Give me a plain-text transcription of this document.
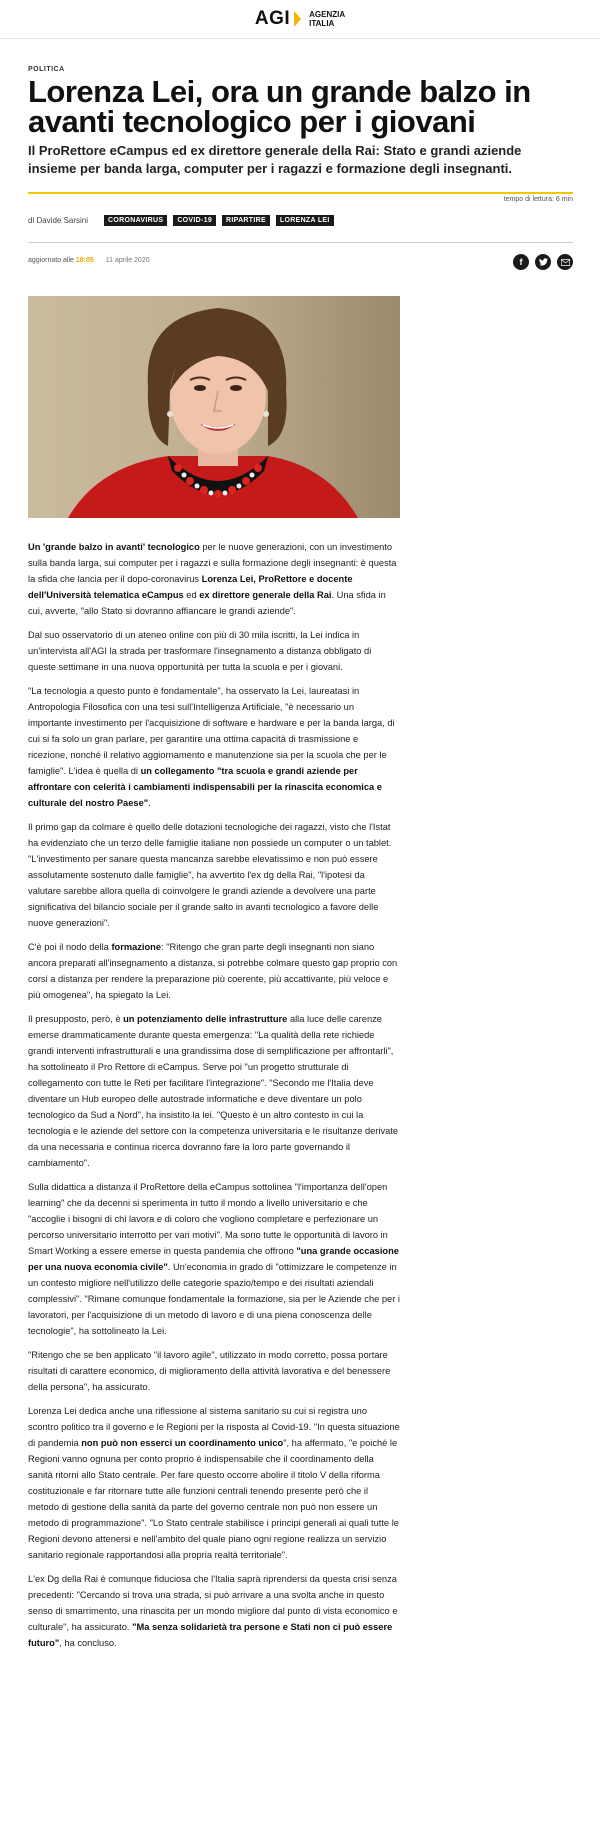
AGI AGENZIA
ITALIA
POLITICA
Lorenza Lei, ora un grande balzo in avanti tecnologico per i giovani
Il ProRettore eCampus ed ex direttore generale della Rai: Stato e grandi aziende insieme per banda larga, computer per i ragazzi e formazione degli insegnanti.
tempo di lettura: 6 min
di Davide Sarsini	CORONAVIRUS	COVID-19	RIPARTIRE	LORENZA LEI
aggiornato alle 18:05 11 aprile 2020	f

Un 'grande balzo in avanti' tecnologico per le nuove generazioni, con un investimento sulla banda larga, sui computer per i ragazzi e sulla formazione degli insegnanti: è questa la sfida che lancia per il dopo-coronavirus Lorenza Lei, ProRettore e docente dell'Università telematica eCampus ed ex direttore generale della Rai. Una sfida in cui, avverte, "allo Stato si dovranno affiancare le grandi aziende".

Dal suo osservatorio di un ateneo online con più di 30 mila iscritti, la Lei indica in un'intervista all'AGI la strada per trasformare l'insegnamento a distanza obbligato di queste settimane in una nuova opportunità per tutta la scuola e per i giovani.

"La tecnologia a questo punto è fondamentale", ha osservato la Lei, laureatasi in Antropologia Filosofica con una tesi sull'Intelligenza Artificiale, "è necessario un importante investimento per l'acquisizione di software e hardware e per la banda larga, di cui si fa solo un gran parlare, per garantire una ottima capacità di trasmissione e ricezione, nonché il relativo aggiornamento e manutenzione sia per la scuola che per le famiglie". L'idea è quella di un collegamento "tra scuola e grandi aziende per affrontare con celerità i cambiamenti indispensabili per la rinascita economica e culturale del nostro Paese".

Il primo gap da colmare è quello delle dotazioni tecnologiche dei ragazzi, visto che l'Istat ha evidenziato che un terzo delle famiglie italiane non possiede un computer o un tablet. "L'investimento per sanare questa mancanza sarebbe elevatissimo e non può essere assolutamente sostenuto dalle famiglie", ha avvertito l'ex dg della Rai, "l'ipotesi da valutare sarebbe allora quella di coinvolgere le grandi aziende a devolvere una parte significativa del bilancio sociale per il grande salto in avanti tecnologico a favore delle nuove generazioni".

C'è poi il nodo della formazione: "Ritengo che gran parte degli insegnanti non siano ancora preparati all'insegnamento a distanza, si potrebbe colmare questo gap proprio con corsi a distanza per rendere la preparazione più coerente, più accattivante, più veloce e più omogenea", ha spiegato la Lei.

Il presupposto, però, è un potenziamento delle infrastrutture alla luce delle carenze emerse drammaticamente durante questa emergenza: "La qualità della rete richiede grandi interventi infrastrutturali e una grandissima dose di semplificazione per affrontarli", ha sottolineato il Pro Rettore di eCampus. Serve poi "un progetto strutturale di collegamento con tutte le Reti per facilitare l'integrazione". "Secondo me l'Italia deve diventare un Hub europeo delle autostrade informatiche e deve diventare un polo tecnologico da Sud a Nord", ha insistito la lei. "Questo è un altro contesto in cui la tecnologia e le aziende del settore con la competenza universitaria e le risultanze derivate da una necessaria e continua ricerca dovranno fare la loro parte governando il cambiamento".

Sulla didattica a distanza il ProRettore della eCampus sottolinea "l'importanza dell'open learning" che da decenni si sperimenta in tutto il mondo a livello universitario e che "accoglie i bisogni di chi lavora e di coloro che vogliono completare e perfezionare un percorso universitario interrotto per vari motivi". Ma sono tutte le opportunità di lavoro in Smart Working a essere emerse in questa pandemia che offrono "una grande occasione per una nuova economia civile". Un'economia in grado di "ottimizzare le competenze in un contesto migliore nell'utilizzo delle categorie spazio/tempo e dei risultati aziendali complessivi". "Rimane comunque fondamentale la formazione, sia per le Aziende che per i lavoratori, per l'acquisizione di un metodo di lavoro e di una piena conoscenza delle tecnologie", ha sottolineato la Lei.

"Ritengo che se ben applicato "il lavoro agile", utilizzato in modo corretto, possa portare risultati di carattere economico, di miglioramento della attività lavorativa e del benessere della persona", ha assicurato.

Lorenza Lei dedica anche una riflessione al sistema sanitario su cui si registra uno scontro politico tra il governo e le Regioni per la risposta al Covid-19. "In questa situazione di pandemia non può non esserci un coordinamento unico", ha affermato, "e poiché le Regioni vanno ognuna per conto proprio è indispensabile che il coordinamento della sanità ritorni allo Stato centrale. Per fare questo occorre abolire il titolo V della riforma costituzionale e far ritornare tutte alle funzioni centrali tenendo presente però che il metodo di gestione della sanità da parte del governo centrale non può non essere un metodo di programmazione". "Lo Stato centrale stabilisce i principi generali ai quali tutte le Regioni devono attenersi e nell'ambito del quale piano ogni regione realizza un servizio sanitario regionale rapportandosi alla propria realtà territoriale".

L'ex Dg della Rai è comunque fiduciosa che l'Italia saprà riprendersi da questa crisi senza precedenti: "Cercando si trova una strada, si può arrivare a una svolta anche in questo senso di smarrimento, una rinascita per un mondo migliore dal punto di vista economico e culturale", ha assicurato. "Ma senza solidarietà tra persone e Stati non ci può essere futuro", ha concluso.
